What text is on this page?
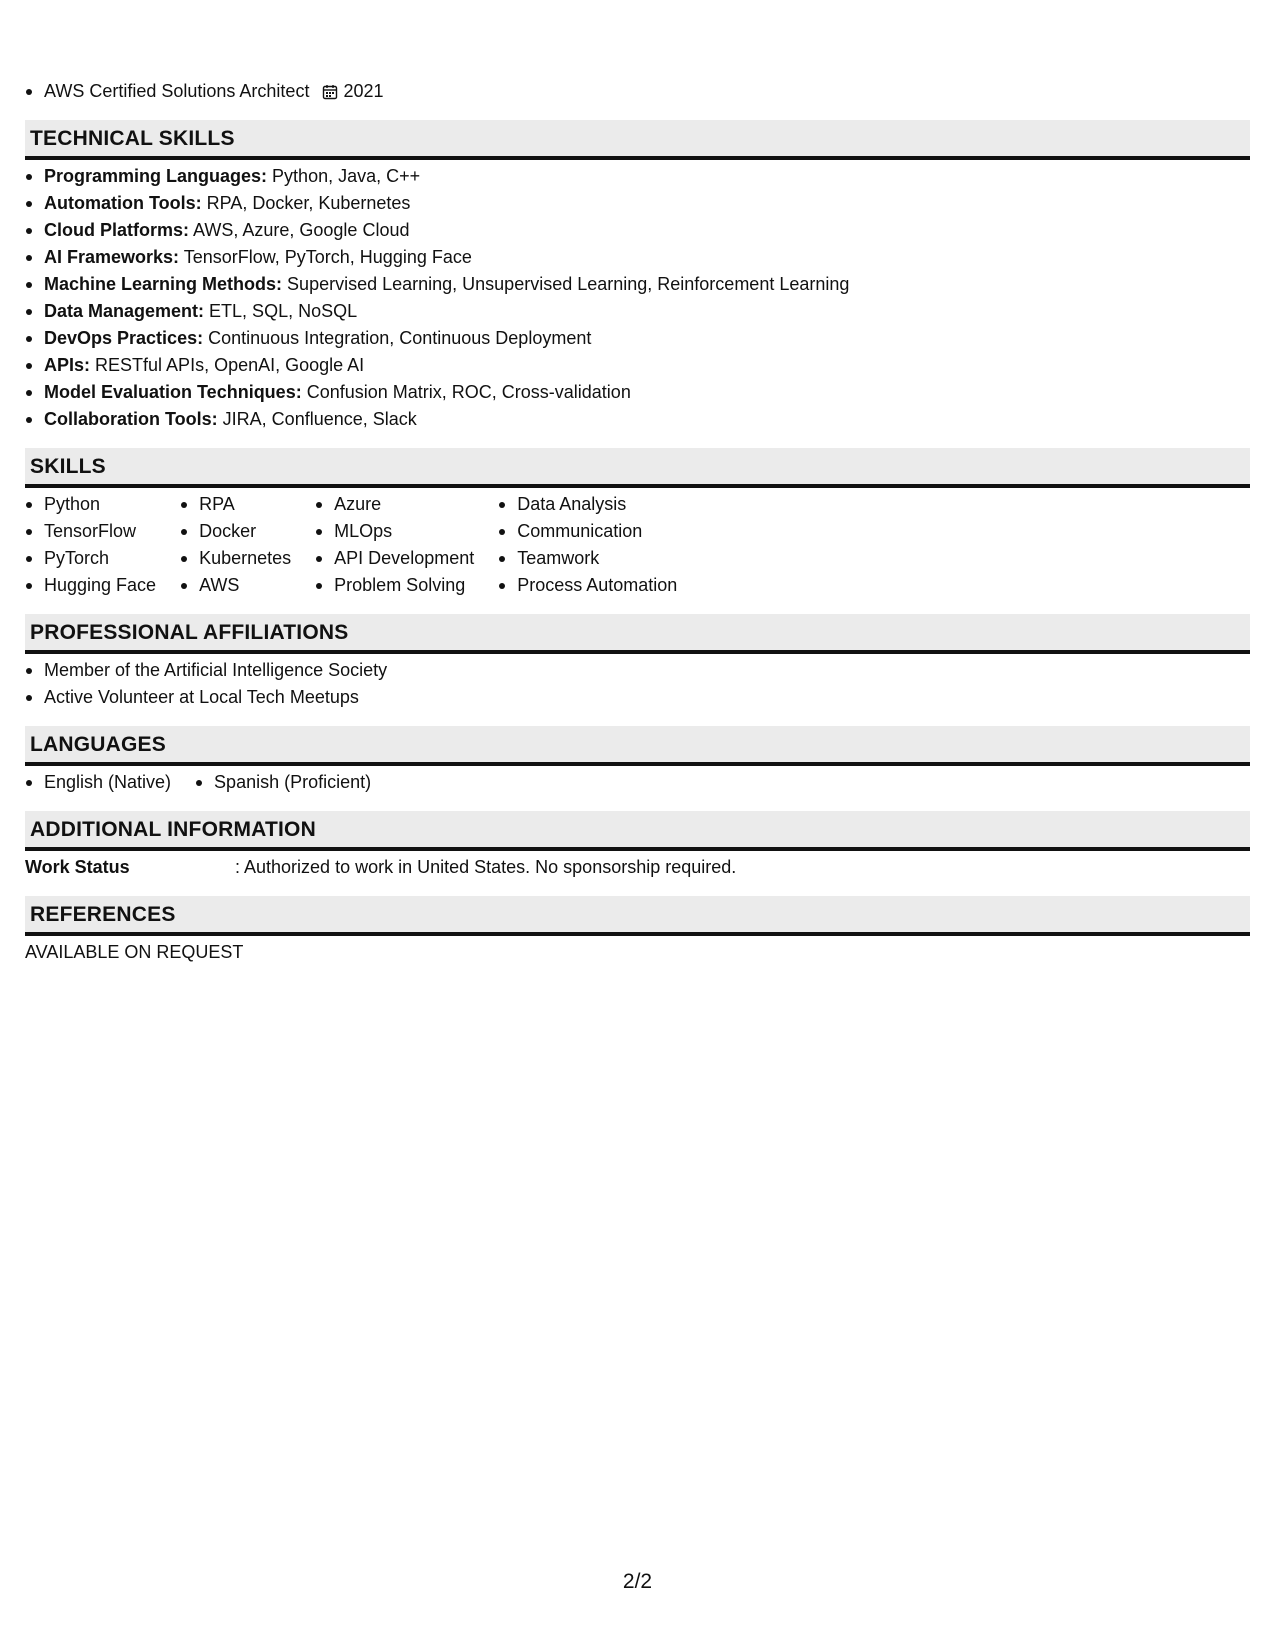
AWS Certified Solutions Architect 2021
TECHNICAL SKILLS
Programming Languages: Python, Java, C++
Automation Tools: RPA, Docker, Kubernetes
Cloud Platforms: AWS, Azure, Google Cloud
AI Frameworks: TensorFlow, PyTorch, Hugging Face
Machine Learning Methods: Supervised Learning, Unsupervised Learning, Reinforcement Learning
Data Management: ETL, SQL, NoSQL
DevOps Practices: Continuous Integration, Continuous Deployment
APIs: RESTful APIs, OpenAI, Google AI
Model Evaluation Techniques: Confusion Matrix, ROC, Cross-validation
Collaboration Tools: JIRA, Confluence, Slack
SKILLS
Python
TensorFlow
PyTorch
Hugging Face
RPA
Docker
Kubernetes
AWS
Azure
MLOps
API Development
Problem Solving
Data Analysis
Communication
Teamwork
Process Automation
PROFESSIONAL AFFILIATIONS
Member of the Artificial Intelligence Society
Active Volunteer at Local Tech Meetups
LANGUAGES
English (Native)	Spanish (Proficient)
ADDITIONAL INFORMATION
Work Status	: Authorized to work in United States. No sponsorship required.
REFERENCES
AVAILABLE ON REQUEST
2/2
